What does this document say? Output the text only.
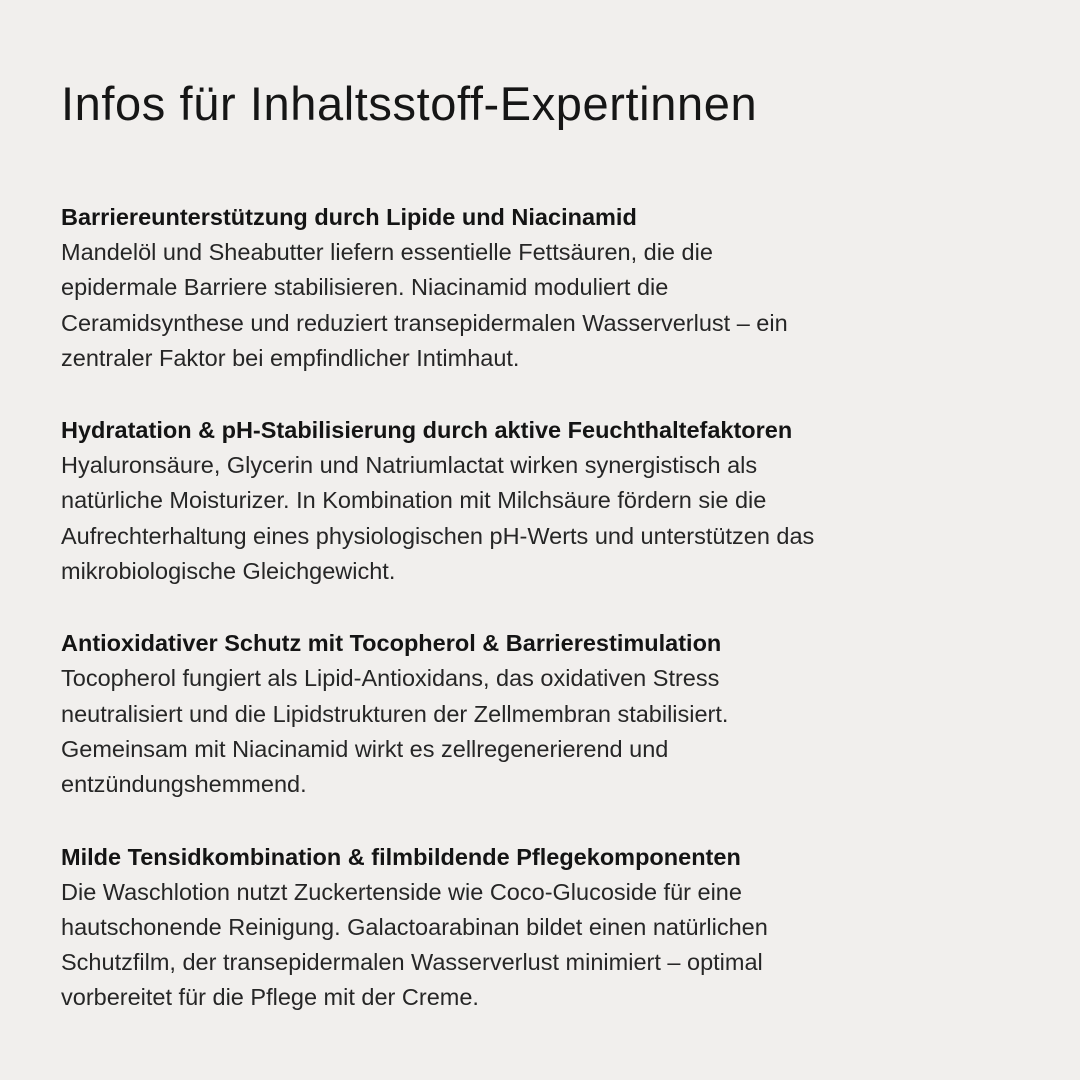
Infos für Inhaltsstoff-Expertinnen
Barriereunterstützung durch Lipide und Niacinamid
Mandelöl und Sheabutter liefern essentielle Fettsäuren, die die
epidermale Barriere stabilisieren. Niacinamid moduliert die
Ceramidsynthese und reduziert transepidermalen Wasserverlust – ein
zentraler Faktor bei empfindlicher Intimhaut.
Hydratation & pH-Stabilisierung durch aktive Feuchthaltefaktoren
Hyaluronsäure, Glycerin und Natriumlactat wirken synergistisch als
natürliche Moisturizer. In Kombination mit Milchsäure fördern sie die
Aufrechterhaltung eines physiologischen pH-Werts und unterstützen das
mikrobiologische Gleichgewicht.
Antioxidativer Schutz mit Tocopherol & Barrierestimulation
Tocopherol fungiert als Lipid-Antioxidans, das oxidativen Stress
neutralisiert und die Lipidstrukturen der Zellmembran stabilisiert.
Gemeinsam mit Niacinamid wirkt es zellregenerierend und
entzündungshemmend.
Milde Tensidkombination & filmbildende Pflegekomponenten
Die Waschlotion nutzt Zuckertenside wie Coco-Glucoside für eine
hautschonende Reinigung. Galactoarabinan bildet einen natürlichen
Schutzfilm, der transepidermalen Wasserverlust minimiert – optimal
vorbereitet für die Pflege mit der Creme.
